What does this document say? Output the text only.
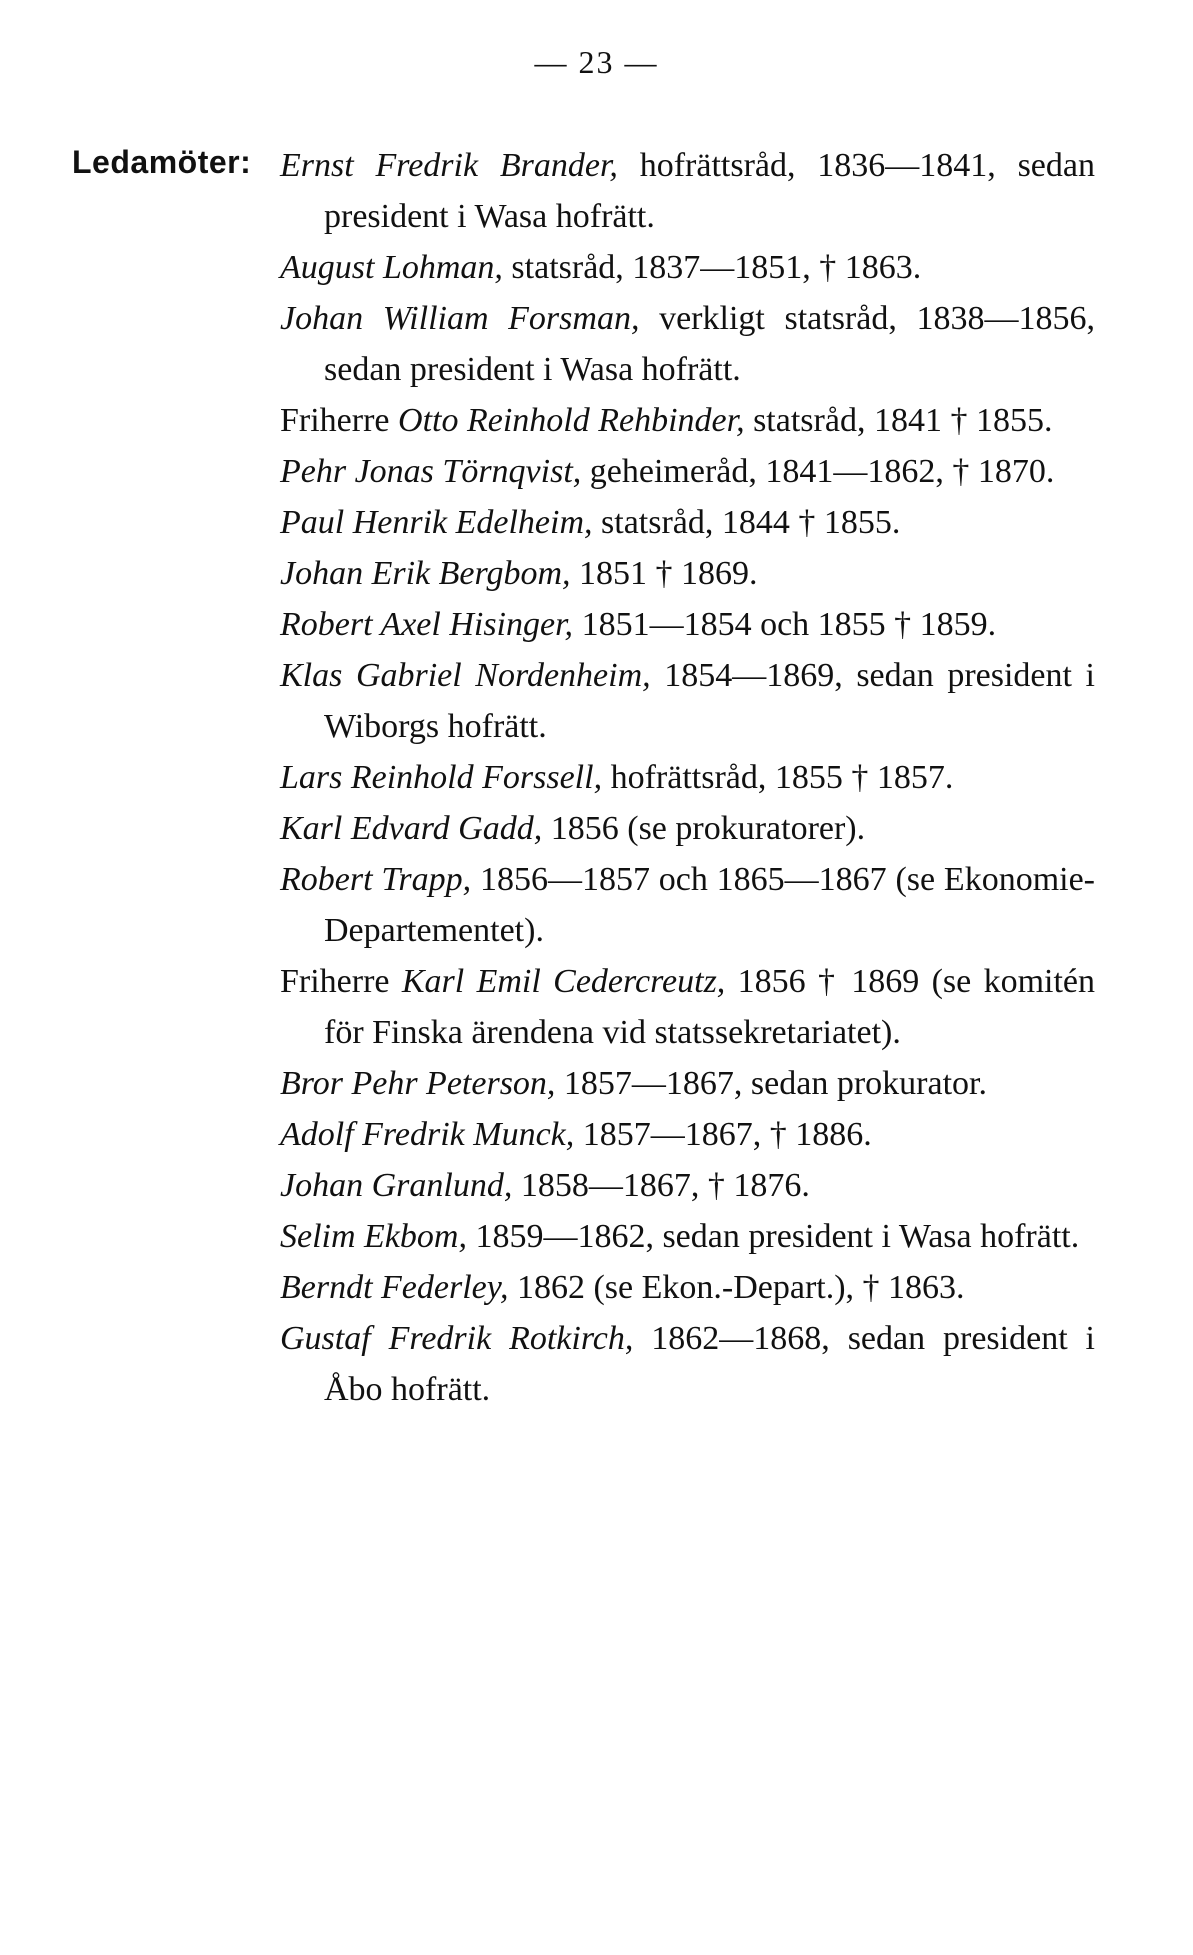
— 23 —
Ledamöter: Ernst Fredrik Brander, hofrättsråd, 1836—1841, sedan president i Wasa hofrätt.

August Lohman, statsråd, 1837—1851, † 1863.

Johan William Forsman, verkligt statsråd, 1838—1856, sedan president i Wasa hofrätt.

Friherre Otto Reinhold Rehbinder, statsråd, 1841 † 1855.

Pehr Jonas Törnqvist, geheimeråd, 1841—1862, † 1870.

Paul Henrik Edelheim, statsråd, 1844 † 1855.

Johan Erik Bergbom, 1851 † 1869.

Robert Axel Hisinger, 1851—1854 och 1855 † 1859.

Klas Gabriel Nordenheim, 1854—1869, sedan president i Wiborgs hofrätt.

Lars Reinhold Forssell, hofrättsråd, 1855 † 1857.

Karl Edvard Gadd, 1856 (se prokuratorer).

Robert Trapp, 1856—1857 och 1865—1867 (se Ekonomie-Departementet).

Friherre Karl Emil Cedercreutz, 1856 † 1869 (se komitén för Finska ärendena vid statssekretariatet).

Bror Pehr Peterson, 1857—1867, sedan prokurator.

Adolf Fredrik Munck, 1857—1867, † 1886.

Johan Granlund, 1858—1867, † 1876.

Selim Ekbom, 1859—1862, sedan president i Wasa hofrätt.

Berndt Federley, 1862 (se Ekon.-Depart.), † 1863.

Gustaf Fredrik Rotkirch, 1862—1868, sedan president i Åbo hofrätt.
